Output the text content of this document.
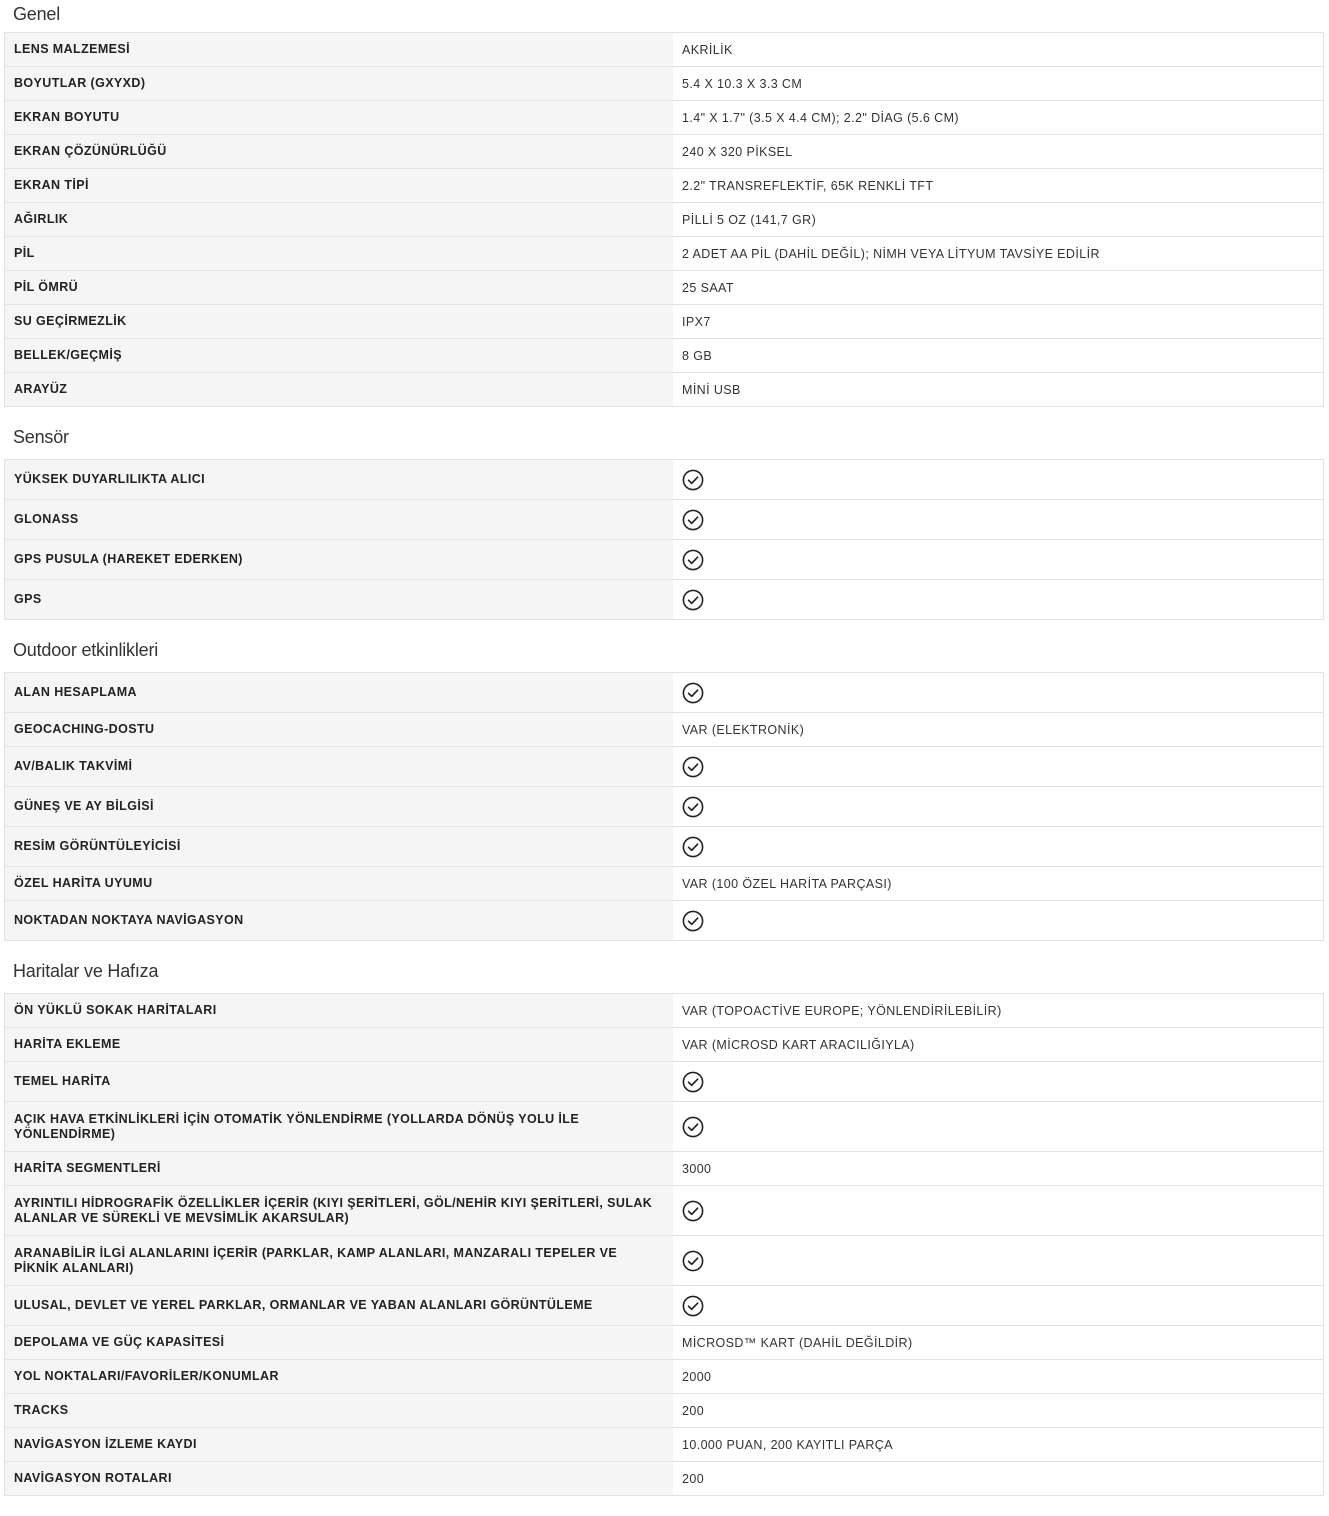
Genel
LENS MALZEMESİ	AKRİLİK
BOYUTLAR (GXYXD)	5.4 X 10.3 X 3.3 CM
EKRAN BOYUTU	1.4" X 1.7" (3.5 X 4.4 CM); 2.2" DİAG (5.6 CM)
EKRAN ÇÖZÜNÜRLÜĞÜ	240 X 320 PİKSEL
EKRAN TİPİ	2.2" TRANSREFLEKTİF, 65K RENKLİ TFT
AĞIRLIK	PİLLİ 5 OZ (141,7 GR)
PİL	2 ADET AA PİL (DAHİL DEĞİL); NİMH VEYA LİTYUM TAVSİYE EDİLİR
PİL ÖMRÜ	25 SAAT
SU GEÇİRMEZLİK	IPX7
BELLEK/GEÇMİŞ	8 GB
ARAYÜZ	MİNİ USB
Sensör
YÜKSEK DUYARLILIKTA ALICI	

GLONASS	

GPS PUSULA (HAREKET EDERKEN)	

GPS	
Outdoor etkinlikleri
ALAN HESAPLAMA	

GEOCACHING-DOSTU	VAR (ELEKTRONİK)
AV/BALIK TAKVİMİ	

GÜNEŞ VE AY BİLGİSİ	

RESİM GÖRÜNTÜLEYİCİSİ	

ÖZEL HARİTA UYUMU	VAR (100 ÖZEL HARİTA PARÇASI)
NOKTADAN NOKTAYA NAVİGASYON	
Haritalar ve Hafıza
ÖN YÜKLÜ SOKAK HARİTALARI	VAR (TOPOACTİVE EUROPE; YÖNLENDİRİLEBİLİR)
HARİTA EKLEME	VAR (MİCROSD KART ARACILIĞIYLA)
TEMEL HARİTA	

AÇIK HAVA ETKİNLİKLERİ İÇİN OTOMATİK YÖNLENDİRME (YOLLARDA DÖNÜŞ YOLU İLE YÖNLENDİRME)	

HARİTA SEGMENTLERİ	3000
AYRINTILI HİDROGRAFİK ÖZELLİKLER İÇERİR (KIYI ŞERİTLERİ, GÖL/NEHİR KIYI ŞERİTLERİ, SULAK ALANLAR VE SÜREKLİ VE MEVSİMLİK AKARSULAR)	

ARANABİLİR İLGİ ALANLARINI İÇERİR (PARKLAR, KAMP ALANLARI, MANZARALI TEPELER VE PİKNİK ALANLARI)	

ULUSAL, DEVLET VE YEREL PARKLAR, ORMANLAR VE YABAN ALANLARI GÖRÜNTÜLEME	

DEPOLAMA VE GÜÇ KAPASİTESİ	MİCROSD™ KART (DAHİL DEĞİLDİR)
YOL NOKTALARI/FAVORİLER/KONUMLAR	2000
TRACKS	200
NAVİGASYON İZLEME KAYDI	10.000 PUAN, 200 KAYITLI PARÇA
NAVİGASYON ROTALARI	200
